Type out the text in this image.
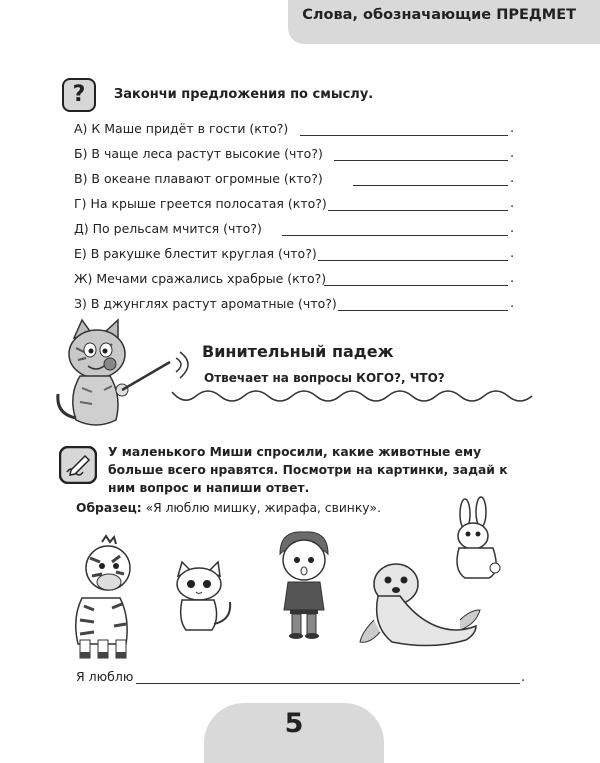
Слова, обозначающие ПРЕДМЕТ
?	Закончи предложения по смыслу.
А) К Маше придёт в гости (кто?)	.
Б) В чаще леса растут высокие (что?)	.
В) В океане плавают огромные (кто?)	.
Г) На крыше греется полосатая (кто?)	.
Д) По рельсам мчится (что?)	.
Е) В ракушке блестит круглая (что?)	.
Ж) Мечами сражались храбрые (кто?)	.
З) В джунглях растут ароматные (что?)	.
Винительный падеж
Отвечает на вопросы КОГО?, ЧТО?
У маленького Миши спросили, какие животные ему больше всего нравятся. Посмотри на картинки, задай к ним вопрос и напиши ответ.
Образец: «Я люблю мишку, жирафа, свинку».
Я люблю	.
5
